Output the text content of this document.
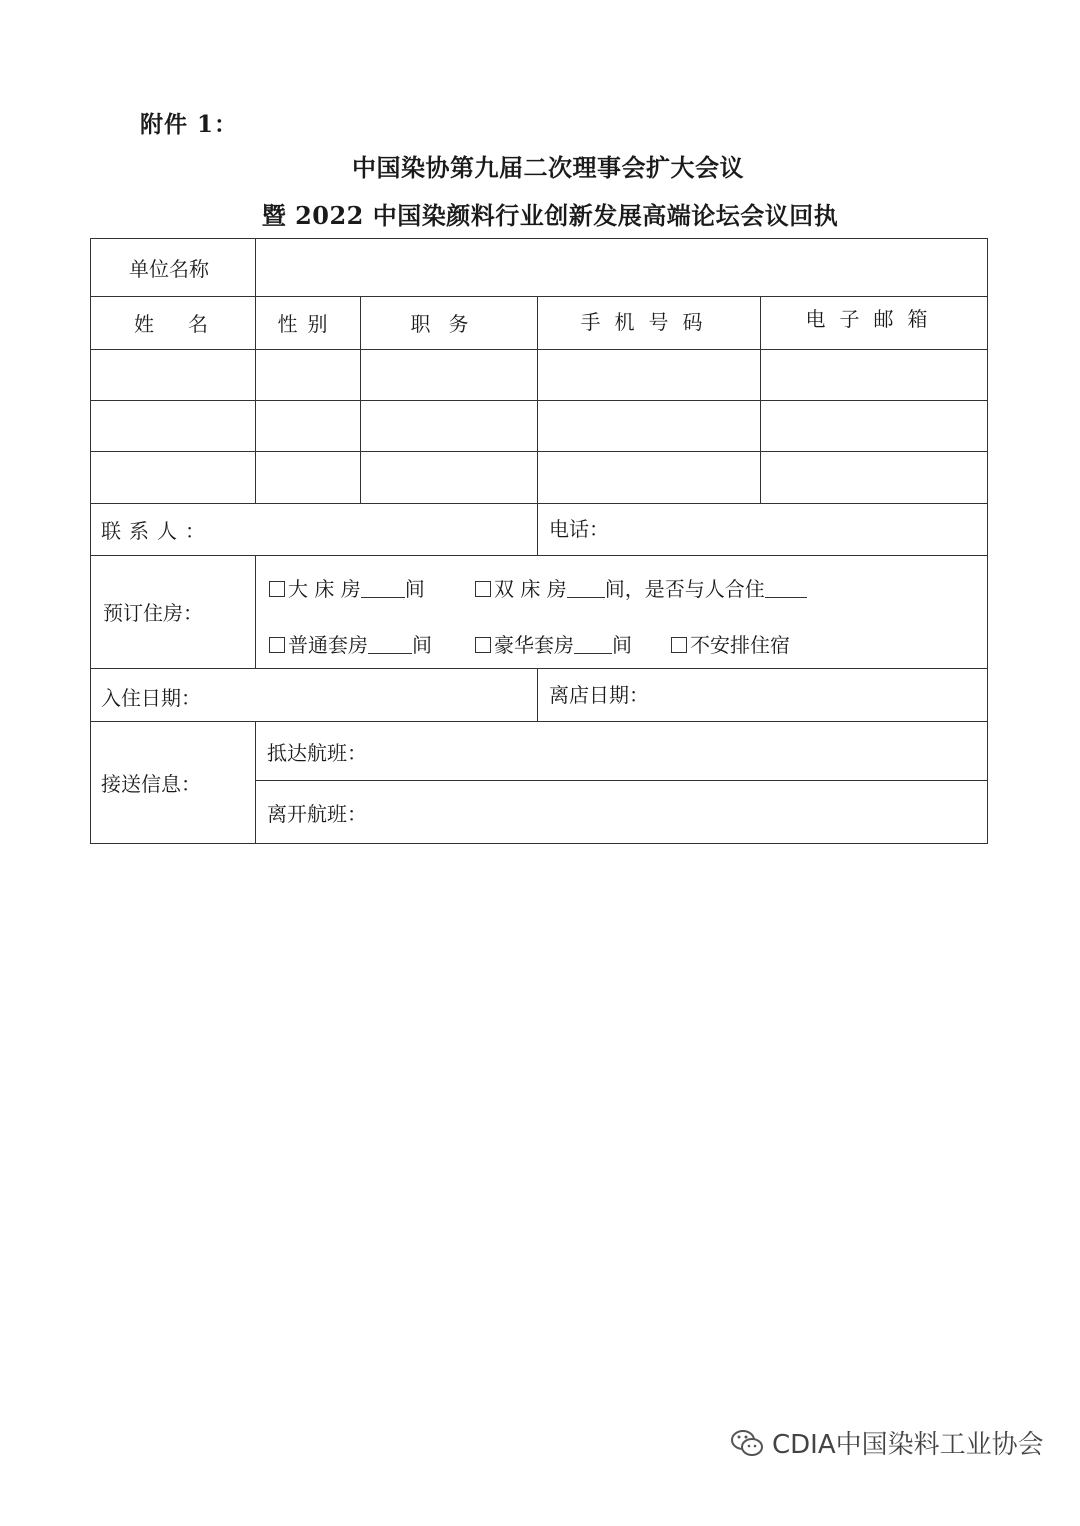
附件 1：
中国染协第九届二次理事会扩大会议
暨 2022 中国染颜料行业创新发展高端论坛会议回执
单位名称
姓名	性别	职务	手机号码	电子邮箱
联系人：	电话：
预订住房：
大 床 房 间	双 床 房 间，是否与人合住
普通套房 间	豪华套房 间	不安排住宿
入住日期：	离店日期：
接送信息：
抵达航班：
离开航班：
CDIA中国染料工业协会
